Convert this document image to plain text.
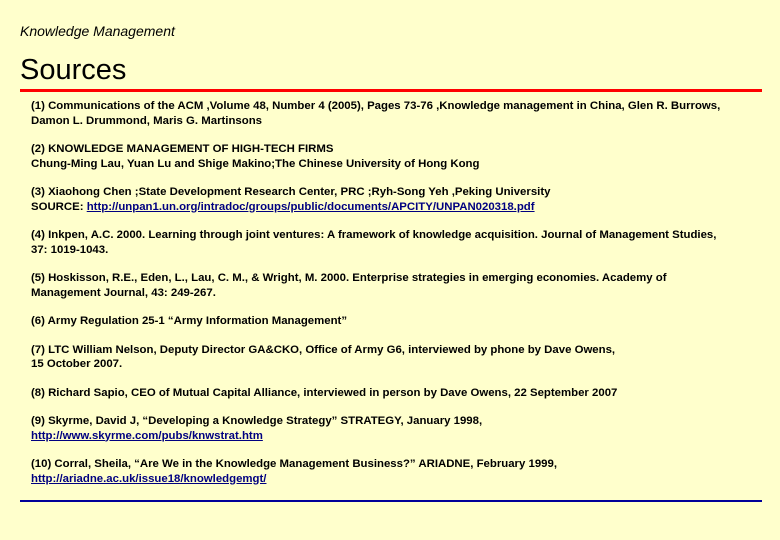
Knowledge Management
Sources
(1) Communications of the ACM ,Volume 48, Number 4 (2005), Pages 73-76 ,Knowledge management in China, Glen R. Burrows, Damon L. Drummond, Maris G. Martinsons
(2) KNOWLEDGE MANAGEMENT OF HIGH-TECH FIRMS
Chung-Ming Lau, Yuan Lu and Shige Makino;The Chinese University of Hong Kong
(3) Xiaohong Chen ;State Development Research Center, PRC ;Ryh-Song Yeh ,Peking University
SOURCE: http://unpan1.un.org/intradoc/groups/public/documents/APCITY/UNPAN020318.pdf
(4) Inkpen, A.C. 2000. Learning through joint ventures: A framework of knowledge acquisition. Journal of Management Studies, 37: 1019-1043.
(5) Hoskisson, R.E., Eden, L., Lau, C. M., & Wright, M. 2000. Enterprise strategies in emerging economies. Academy of Management Journal, 43: 249-267.
(6) Army Regulation 25-1 “Army Information Management”
(7) LTC William Nelson, Deputy Director GA&CKO, Office of Army G6, interviewed by phone by Dave Owens,
15 October 2007.
(8) Richard Sapio, CEO of Mutual Capital Alliance, interviewed in person by Dave Owens, 22 September 2007
(9) Skyrme, David J, “Developing a Knowledge Strategy” STRATEGY, January 1998,
http://www.skyrme.com/pubs/knwstrat.htm
(10) Corral, Sheila, “Are We in the Knowledge Management Business?” ARIADNE, February 1999,
http://ariadne.ac.uk/issue18/knowledgemgt/
